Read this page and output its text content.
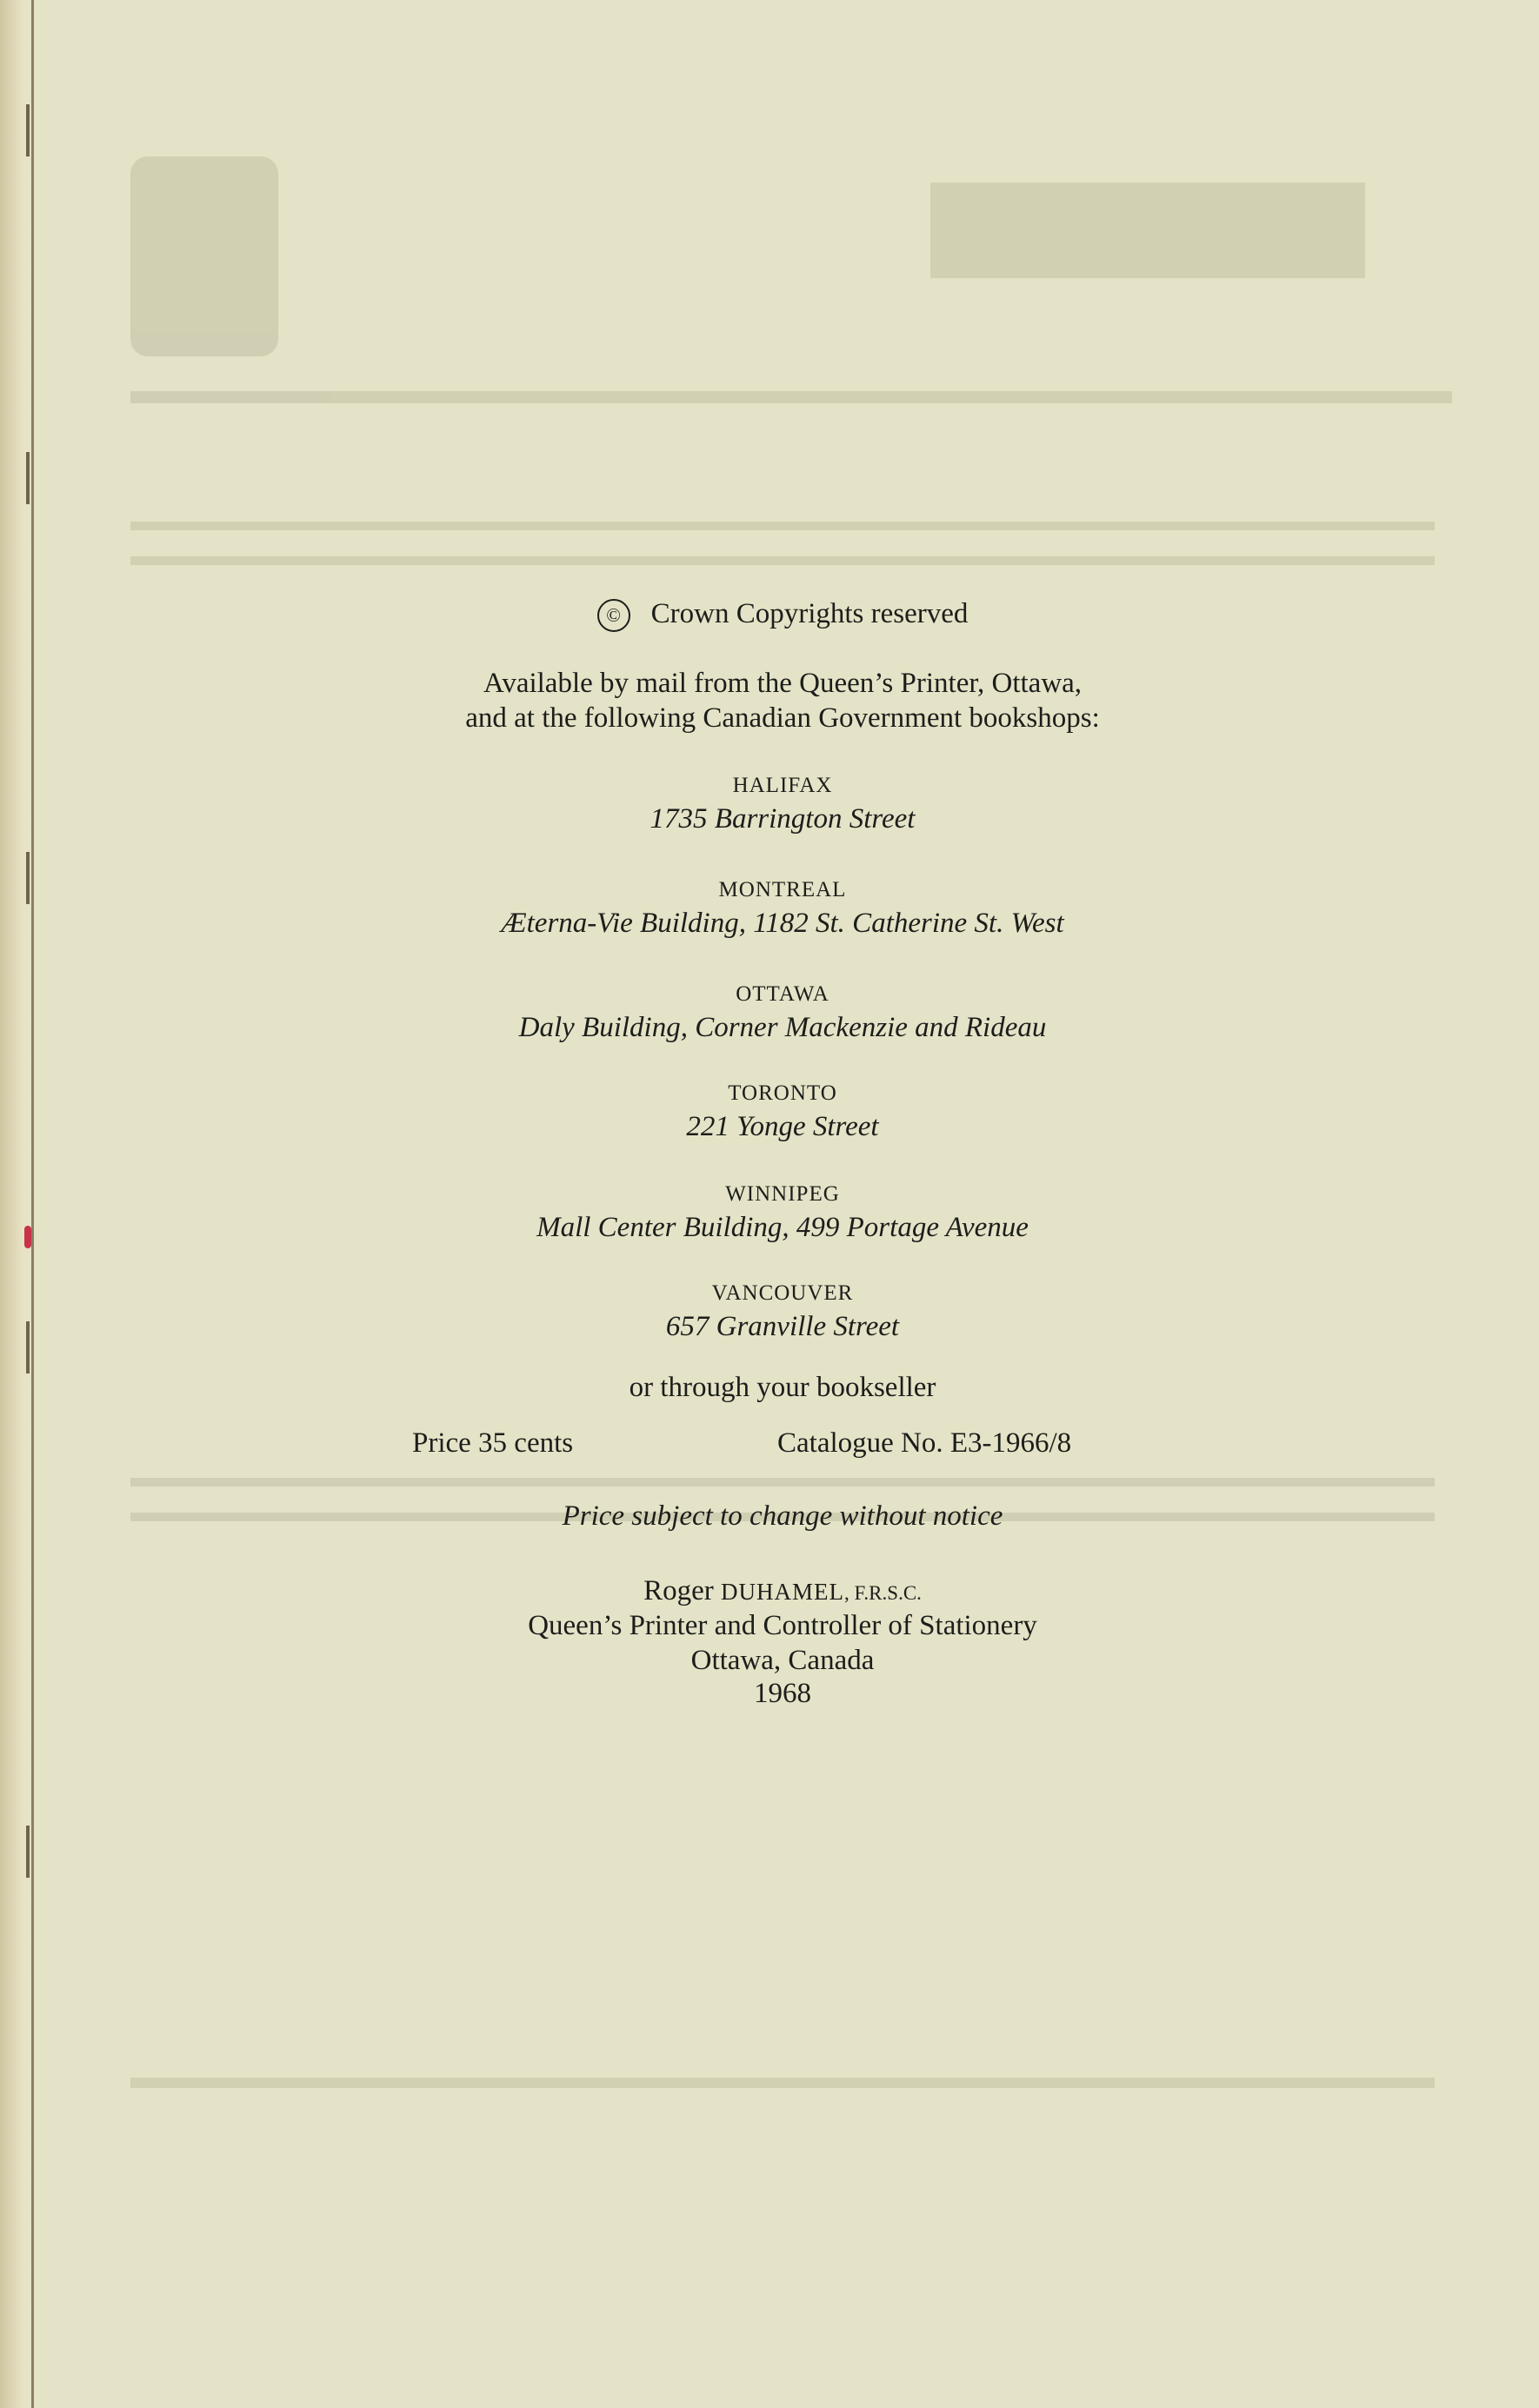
© Crown Copyrights reserved
Available by mail from the Queen’s Printer, Ottawa,
and at the following Canadian Government bookshops:
HALIFAX
1735 Barrington Street
MONTREAL
Æterna-Vie Building, 1182 St. Catherine St. West
OTTAWA
Daly Building, Corner Mackenzie and Rideau
TORONTO
221 Yonge Street
WINNIPEG
Mall Center Building, 499 Portage Avenue
VANCOUVER
657 Granville Street
or through your bookseller
Price 35 cents	Catalogue No. E3-1966/8
Price subject to change without notice
Roger DUHAMEL, F.R.S.C.
Queen’s Printer and Controller of Stationery
Ottawa, Canada
1968
